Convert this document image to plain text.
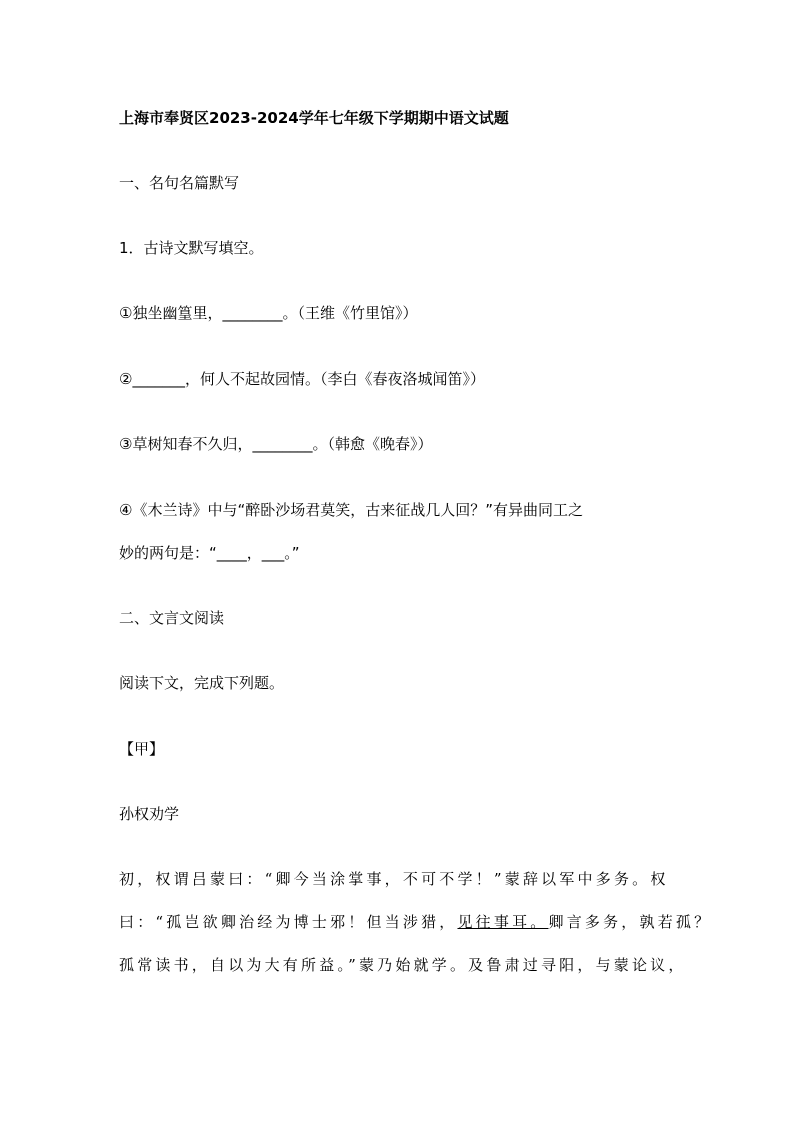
上海市奉贤区2023-2024学年七年级下学期期中语文试题
一、名句名篇默写
1．古诗文默写填空。
①独坐幽篁里，________。（王维《竹里馆》）
②_______，何人不起故园情。（李白《春夜洛城闻笛》）
③草树知春不久归，________。（韩愈《晚春》）
④《木兰诗》中与“醉卧沙场君莫笑，古来征战几人回？”有异曲同工之
妙的两句是：“____，___。”
二、文言文阅读
阅读下文，完成下列题。
【甲】
孙权劝学
初，权谓吕蒙曰：“卿今当涂掌事，不可不学！”蒙辞以军中多务。权
曰：“孤岂欲卿治经为博士邪！但当涉猎，见往事耳。卿言多务，孰若孤？
孤常读书，自以为大有所益。”蒙乃始就学。及鲁肃过寻阳，与蒙论议，
